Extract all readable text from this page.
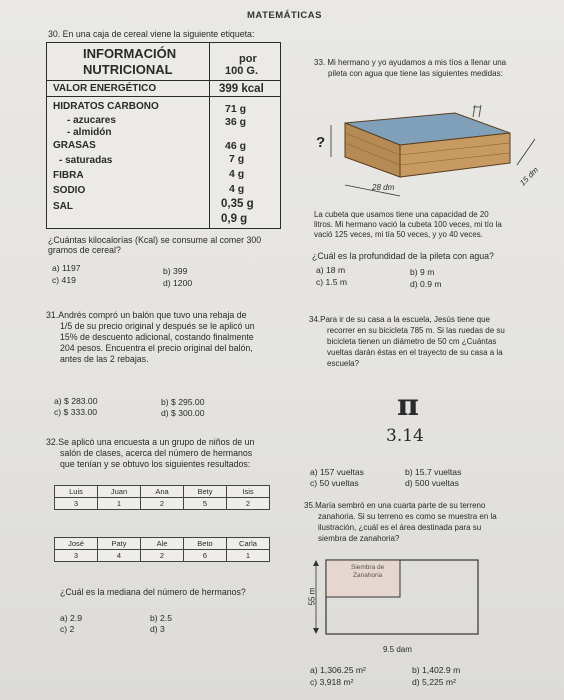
MATEMÁTICAS
30. En una caja de cereal viene la siguiente etiqueta:
INFORMACIÓN
NUTRICIONAL
por
100 G.
VALOR ENERGÉTICO	399 kcal
HIDRATOS CARBONO	71 g
- azucares	36 g
- almidón
GRASAS	46 g
- saturadas	7 g
FIBRA	4 g
SODIO	4 g
SAL	0,35 g
0,9 g
¿Cuántas kilocalorías (Kcal) se consume al comer 300
gramos de cereal?
a) 1197	b) 399
c) 419	d) 1200
31.Andrés compró un balón que tuvo una rebaja de
1/5 de su precio original y después se le aplicó un
15% de descuento adicional, costando finalmente
204 pesos. Encuentra el precio original del balón,
antes de las 2 rebajas.
a) $ 283.00	b) $ 295.00
c) $ 333.00	d) $ 300.00
32.Se aplicó una encuesta a un grupo de niños de un
salón de clases, acerca del número de hermanos
que tenían y se obtuvo los siguientes resultados:
Luis	Juan	Ana	Bety	Isis
3	1	2	5	2
José	Paty	Ale	Beto	Carla
3	4	2	6	1
¿Cuál es la mediana del número de hermanos?
a) 2.9	b) 2.5
c) 2	d) 3
33. Mi hermano y yo ayudamos a mis tíos a llenar una
pileta con agua que tiene las siguientes medidas:
?
28 dm	15 dm
La cubeta que usamos tiene una capacidad de 20
litros. Mi hermano vació la cubeta 100 veces, mi tío la
vació 125 veces, mi tía 50 veces, y yo 40 veces.
¿Cuál es la profundidad de la pileta con agua?
a) 18 m	b) 9 m
c) 1.5 m	d) 0.9 m
34.Para ir de su casa a la escuela, Jesús tiene que
recorrer en su bicicleta 785 m. Si las ruedas de su
bicicleta tienen un diámetro de 50 cm ¿Cuántas
vueltas darán éstas en el trayecto de su casa a la
escuela?
π
3.14
a) 157 vueltas	b) 15.7 vueltas
c) 50 vueltas	d) 500 vueltas
35.María sembró en una cuarta parte de su terreno
zanahoria. Si su terreno es como se muestra en la
ilustración, ¿cuál es el área destinada para su
siembra de zanahoria?
Siembra de
Zanahoria
55 m
9.5 dam
a) 1,306.25 m²	b) 1,402.9 m
c) 3,918 m²	d) 5,225 m²
